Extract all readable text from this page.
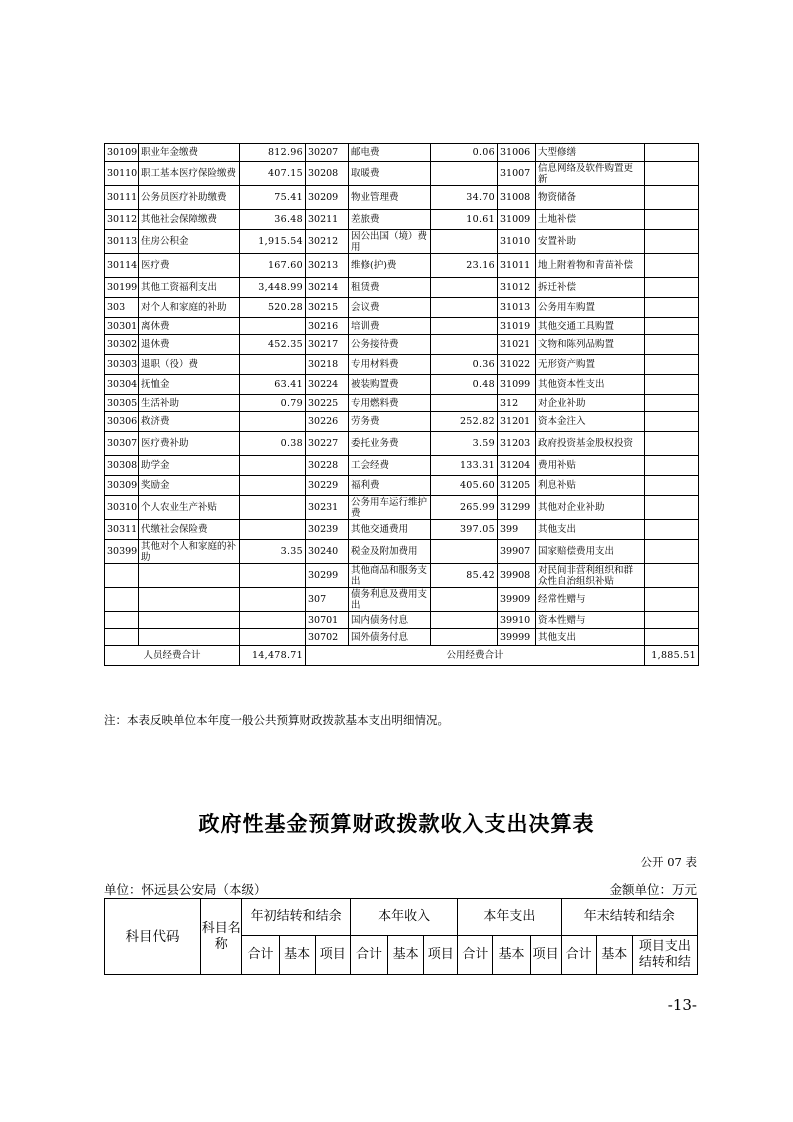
30109	职业年金缴费	812.96	30207	邮电费	0.06	31006	大型修缮	
30110	职工基本医疗保险缴费	407.15	30208	取暖费		31007	信息网络及软件购置更新	
30111	公务员医疗补助缴费	75.41	30209	物业管理费	34.70	31008	物资储备	
30112	其他社会保障缴费	36.48	30211	差旅费	10.61	31009	土地补偿	
30113	住房公积金	1,915.54	30212	因公出国（境）费用		31010	安置补助	
30114	医疗费	167.60	30213	维修(护)费	23.16	31011	地上附着物和青苗补偿	
30199	其他工资福利支出	3,448.99	30214	租赁费		31012	拆迁补偿	
303	对个人和家庭的补助	520.28	30215	会议费		31013	公务用车购置	
30301	离休费		30216	培训费		31019	其他交通工具购置	
30302	退休费	452.35	30217	公务接待费		31021	文物和陈列品购置	
30303	退职（役）费		30218	专用材料费	0.36	31022	无形资产购置	
30304	抚恤金	63.41	30224	被装购置费	0.48	31099	其他资本性支出	
30305	生活补助	0.79	30225	专用燃料费		312	对企业补助	
30306	救济费		30226	劳务费	252.82	31201	资本金注入	
30307	医疗费补助	0.38	30227	委托业务费	3.59	31203	政府投资基金股权投资	
30308	助学金		30228	工会经费	133.31	31204	费用补贴	
30309	奖励金		30229	福利费	405.60	31205	利息补贴	
30310	个人农业生产补贴		30231	公务用车运行维护费	265.99	31299	其他对企业补助	
30311	代缴社会保险费		30239	其他交通费用	397.05	399	其他支出	
30399	其他对个人和家庭的补助	3.35	30240	税金及附加费用		39907	国家赔偿费用支出	
			30299	其他商品和服务支出	85.42	39908	对民间非营利组织和群众性自治组织补贴	
			307	债务利息及费用支出		39909	经常性赠与	
			30701	国内债务付息		39910	资本性赠与	
			30702	国外债务付息		39999	其他支出	
人员经费合计		14,478.71	公用经费合计					1,885.51
注：本表反映单位本年度一般公共预算财政拨款基本支出明细情况。
政府性基金预算财政拨款收入支出决算表
公开 07 表
单位：怀远县公安局（本级）	金额单位：万元
科目代码	科目名称	年初结转和结余			本年收入			本年支出			年末结转和结余		
		合计	基本	项目	合计	基本	项目	合计	基本	项目	合计	基本	项目支出结转和结
-13-
